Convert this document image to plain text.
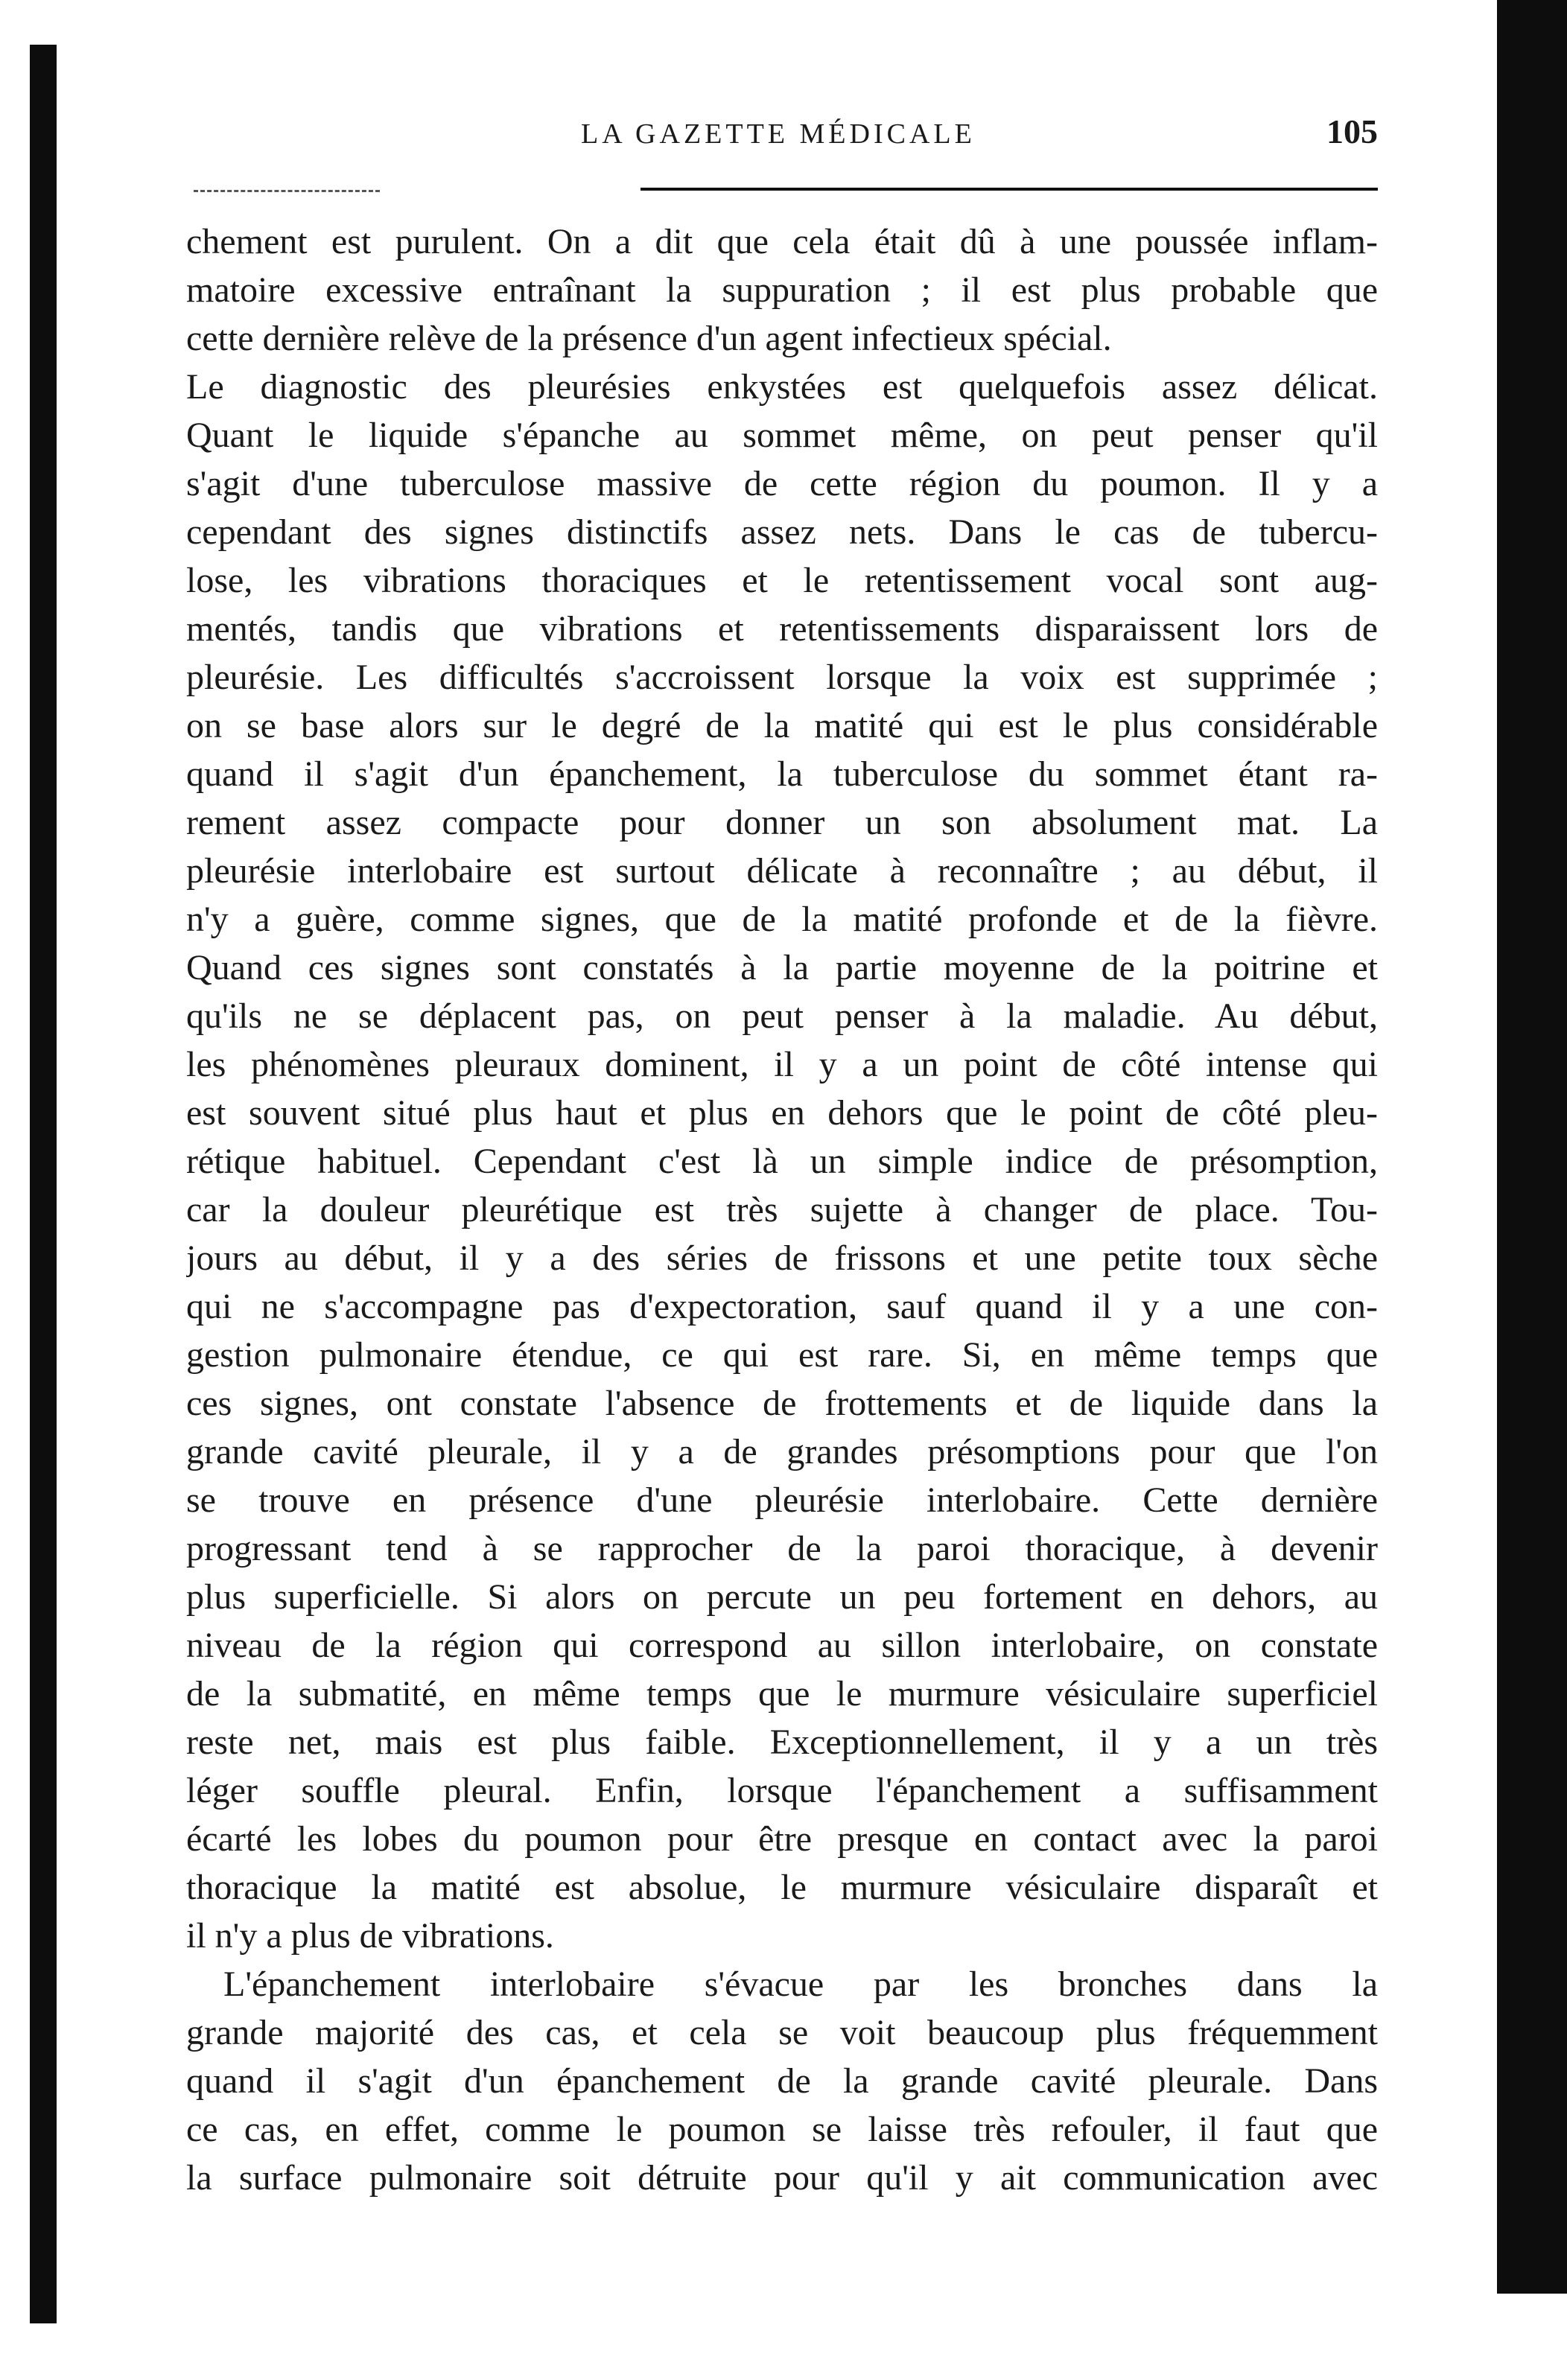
LA GAZETTE MÉDICALE	105
chement est purulent. On a dit que cela était dû à une poussée inflam-
matoire excessive entraînant la suppuration ; il est plus probable que
cette dernière relève de la présence d'un agent infectieux spécial.
Le diagnostic des pleurésies enkystées est quelquefois assez délicat.
Quant le liquide s'épanche au sommet même, on peut penser qu'il
s'agit d'une tuberculose massive de cette région du poumon. Il y a
cependant des signes distinctifs assez nets. Dans le cas de tubercu-
lose, les vibrations thoraciques et le retentissement vocal sont aug-
mentés, tandis que vibrations et retentissements disparaissent lors de
pleurésie. Les difficultés s'accroissent lorsque la voix est supprimée ;
on se base alors sur le degré de la matité qui est le plus considérable
quand il s'agit d'un épanchement, la tuberculose du sommet étant ra-
rement assez compacte pour donner un son absolument mat. La
pleurésie interlobaire est surtout délicate à reconnaître ; au début, il
n'y a guère, comme signes, que de la matité profonde et de la fièvre.
Quand ces signes sont constatés à la partie moyenne de la poitrine et
qu'ils ne se déplacent pas, on peut penser à la maladie. Au début,
les phénomènes pleuraux dominent, il y a un point de côté intense qui
est souvent situé plus haut et plus en dehors que le point de côté pleu-
rétique habituel. Cependant c'est là un simple indice de présomption,
car la douleur pleurétique est très sujette à changer de place. Tou-
jours au début, il y a des séries de frissons et une petite toux sèche
qui ne s'accompagne pas d'expectoration, sauf quand il y a une con-
gestion pulmonaire étendue, ce qui est rare. Si, en même temps que
ces signes, ont constate l'absence de frottements et de liquide dans la
grande cavité pleurale, il y a de grandes présomptions pour que l'on
se trouve en présence d'une pleurésie interlobaire. Cette dernière
progressant tend à se rapprocher de la paroi thoracique, à devenir
plus superficielle. Si alors on percute un peu fortement en dehors, au
niveau de la région qui correspond au sillon interlobaire, on constate
de la submatité, en même temps que le murmure vésiculaire superficiel
reste net, mais est plus faible. Exceptionnellement, il y a un très
léger souffle pleural. Enfin, lorsque l'épanchement a suffisamment
écarté les lobes du poumon pour être presque en contact avec la paroi
thoracique la matité est absolue, le murmure vésiculaire disparaît et
il n'y a plus de vibrations.
L'épanchement interlobaire s'évacue par les bronches dans la
grande majorité des cas, et cela se voit beaucoup plus fréquemment
quand il s'agit d'un épanchement de la grande cavité pleurale. Dans
ce cas, en effet, comme le poumon se laisse très refouler, il faut que
la surface pulmonaire soit détruite pour qu'il y ait communication avec
